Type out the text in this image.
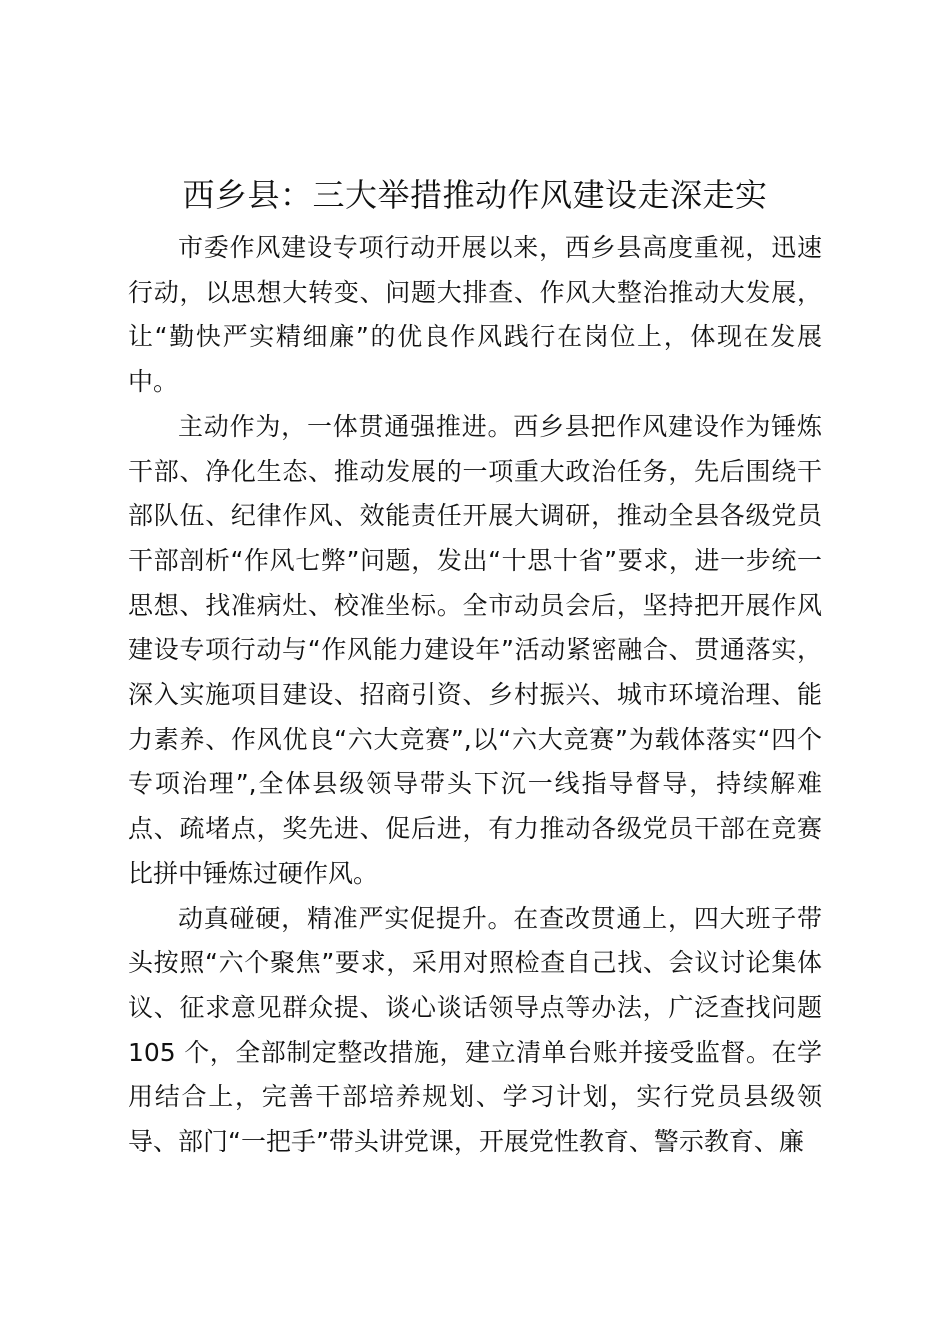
西乡县：三大举措推动作风建设走深走实

市委作风建设专项行动开展以来，西乡县高度重视，迅速行动，以思想大转变、问题大排查、作风大整治推动大发展，让“勤快严实精细廉”的优良作风践行在岗位上，体现在发展中。

主动作为，一体贯通强推进。西乡县把作风建设作为锤炼干部、净化生态、推动发展的一项重大政治任务，先后围绕干部队伍、纪律作风、效能责任开展大调研，推动全县各级党员干部剖析“作风七弊”问题，发出“十思十省”要求，进一步统一思想、找准病灶、校准坐标。全市动员会后，坚持把开展作风建设专项行动与“作风能力建设年”活动紧密融合、贯通落实，深入实施项目建设、招商引资、乡村振兴、城市环境治理、能力素养、作风优良“六大竞赛”,以“六大竞赛”为载体落实“四个专项治理”,全体县级领导带头下沉一线指导督导，持续解难点、疏堵点，奖先进、促后进，有力推动各级党员干部在竞赛比拼中锤炼过硬作风。

动真碰硬，精准严实促提升。在查改贯通上，四大班子带头按照“六个聚焦”要求，采用对照检查自己找、会议讨论集体议、征求意见群众提、谈心谈话领导点等办法，广泛查找问题 105 个，全部制定整改措施，建立清单台账并接受监督。在学用结合上，完善干部培养规划、学习计划，实行党员县级领导、部门“一把手”带头讲党课，开展党性教育、警示教育、廉
